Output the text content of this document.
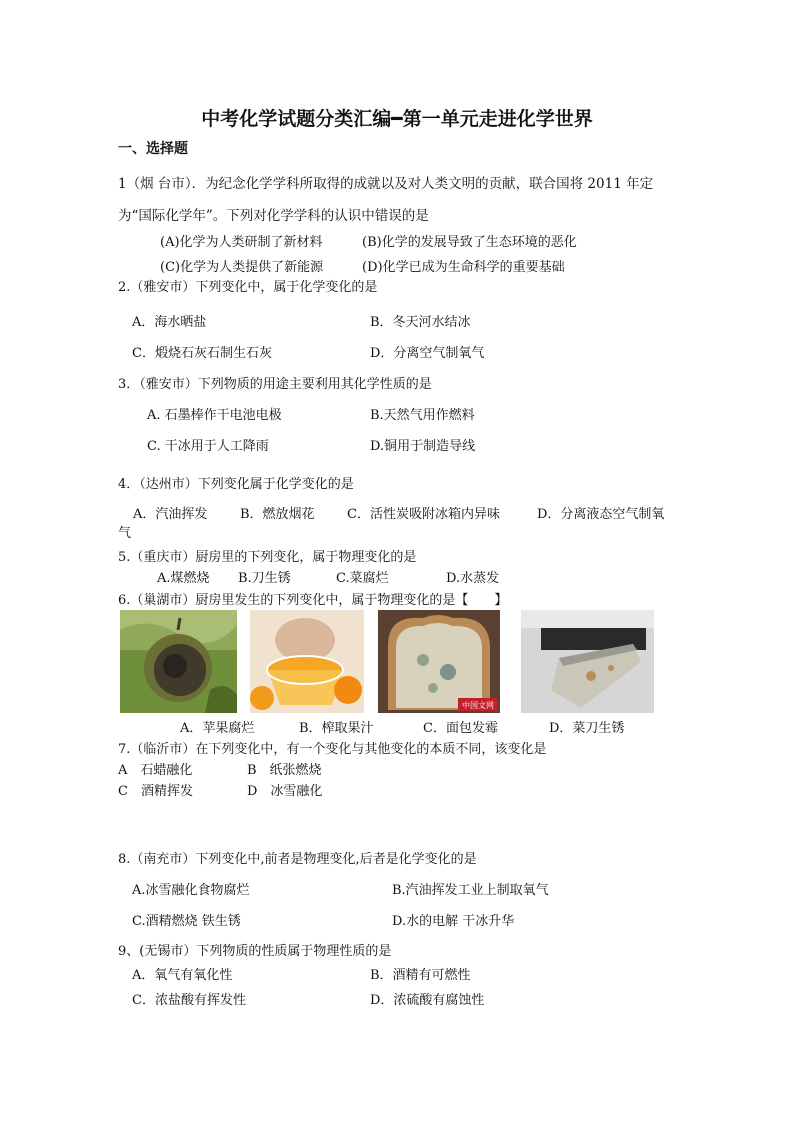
中考化学试题分类汇编━第一单元走进化学世界
一、选择题
1（烟 台市）．为纪念化学学科所取得的成就以及对人类文明的贡献，联合国将 2011 年定
为“国际化学年”。下列对化学学科的认识中错误的是
(A)化学为人类研制了新材料	(B)化学的发展导致了生态环境的恶化
(C)化学为人类提供了新能源	(D)化学已成为生命科学的重要基础
2.（雅安市）下列变化中，属于化学变化的是
A．海水晒盐	B．冬天河水结冰
C．煅烧石灰石制生石灰	D．分离空气制氧气
3．（雅安市）下列物质的用途主要利用其化学性质的是
A. 石墨棒作干电池电极	B.天然气用作燃料
C. 干冰用于人工降雨	D.铜用于制造导线
4．（达州市）下列变化属于化学变化的是
A．汽油挥发	B．燃放烟花 C．活性炭吸附冰箱内异味	D．分离液态空气制氧
气
5.（重庆市）厨房里的下列变化，属于物理变化的是
A.煤燃烧 B.刀生锈	C.菜腐烂	D.水蒸发
6.（巢湖市）厨房里发生的下列变化中，属于物理变化的是【　　】
中国文网
A．苹果腐烂	B．榨取果汁	C．面包发霉	D．菜刀生锈
7.（临沂市）在下列变化中，有一个变化与其他变化的本质不同，该变化是
A　石蜡融化	B　纸张燃烧
C　酒精挥发	D　冰雪融化
8.（南充市）下列变化中,前者是物理变化,后者是化学变化的是
A.冰雪融化食物腐烂	B.汽油挥发工业上制取氧气
C.酒精燃烧 铁生锈	D.水的电解 干冰升华
9、(无锡市）下列物质的性质属于物理性质的是
A．氧气有氧化性	B．酒精有可燃性
C．浓盐酸有挥发性	D．浓硫酸有腐蚀性
